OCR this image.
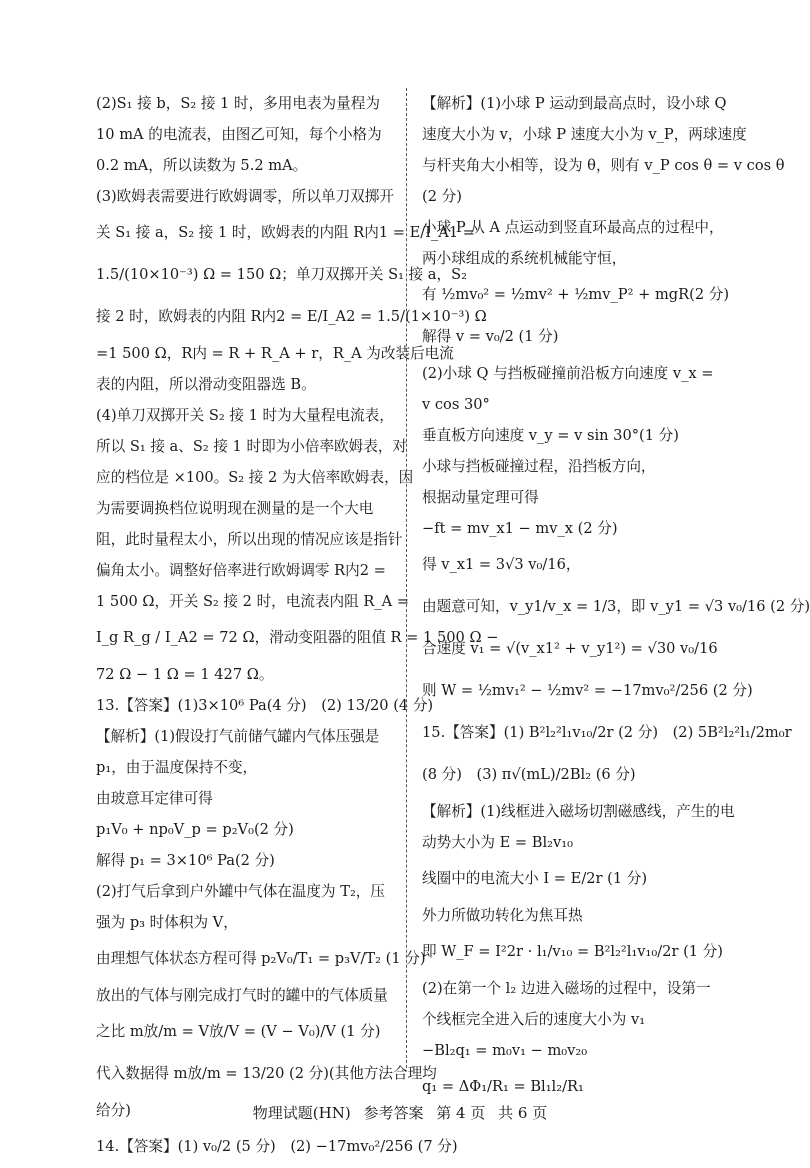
(2)S₁ 接 b，S₂ 接 1 时，多用电表为量程为
10 mA 的电流表，由图乙可知，每个小格为
0.2 mA，所以读数为 5.2 mA。
(3)欧姆表需要进行欧姆调零，所以单刀双掷开
关 S₁ 接 a，S₂ 接 1 时，欧姆表的内阻 R内1 = E/I_A1 =
1.5/(10×10⁻³) Ω = 150 Ω；单刀双掷开关 S₁ 接 a，S₂
接 2 时，欧姆表的内阻 R内2 = E/I_A2 = 1.5/(1×10⁻³) Ω
=1 500 Ω，R内 = R + R_A + r，R_A 为改装后电流
表的内阻，所以滑动变阻器选 B。
(4)单刀双掷开关 S₂ 接 1 时为大量程电流表，
所以 S₁ 接 a、S₂ 接 1 时即为小倍率欧姆表，对
应的档位是 ×100。S₂ 接 2 为大倍率欧姆表，因
为需要调换档位说明现在测量的是一个大电
阻，此时量程太小，所以出现的情况应该是指针
偏角太小。调整好倍率进行欧姆调零 R内2 =
1 500 Ω，开关 S₂ 接 2 时，电流表内阻 R_A =
I_g R_g / I_A2 = 72 Ω，滑动变阻器的阻值 R = 1 500 Ω −
72 Ω − 1 Ω = 1 427 Ω。
13.【答案】(1)3×10⁶ Pa(4 分)　(2) 13/20 (4 分)
【解析】(1)假设打气前储气罐内气体压强是
p₁，由于温度保持不变，
由玻意耳定律可得
p₁V₀ + np₀V_p = p₂V₀(2 分)
解得 p₁ = 3×10⁶ Pa(2 分)
(2)打气后拿到户外罐中气体在温度为 T₂，压
强为 p₃ 时体积为 V，
由理想气体状态方程可得 p₂V₀/T₁ = p₃V/T₂ (1 分)
放出的气体与刚完成打气时的罐中的气体质量
之比 m放/m = V放/V = (V − V₀)/V (1 分)
代入数据得 m放/m = 13/20 (2 分)(其他方法合理均
给分)
14.【答案】(1) v₀/2 (5 分)　(2) −17mv₀²/256 (7 分)
【解析】(1)小球 P 运动到最高点时，设小球 Q
速度大小为 v，小球 P 速度大小为 v_P，两球速度
与杆夹角大小相等，设为 θ，则有 v_P cos θ = v cos θ
(2 分)
小球 P 从 A 点运动到竖直环最高点的过程中，
两小球组成的系统机械能守恒，
有 ½mv₀² = ½mv² + ½mv_P² + mgR(2 分)
解得 v = v₀/2 (1 分)
(2)小球 Q 与挡板碰撞前沿板方向速度 v_x =
v cos 30°
垂直板方向速度 v_y = v sin 30°(1 分)
小球与挡板碰撞过程，沿挡板方向，
根据动量定理可得
−ft = mv_x1 − mv_x (2 分)
得 v_x1 = 3√3 v₀/16，
由题意可知，v_y1/v_x = 1/3，即 v_y1 = √3 v₀/16 (2 分)
合速度 v₁ = √(v_x1² + v_y1²) = √30 v₀/16
则 W = ½mv₁² − ½mv² = −17mv₀²/256 (2 分)
15.【答案】(1) B²l₂²l₁v₁₀/2r (2 分)　(2) 5B²l₂²l₁/2m₀r
(8 分)　(3) π√(mL)/2Bl₂ (6 分)
【解析】(1)线框进入磁场切割磁感线，产生的电
动势大小为 E = Bl₂v₁₀
线圈中的电流大小 I = E/2r (1 分)
外力所做功转化为焦耳热
即 W_F = I²2r · l₁/v₁₀ = B²l₂²l₁v₁₀/2r (1 分)
(2)在第一个 l₂ 边进入磁场的过程中，设第一
个线框完全进入后的速度大小为 v₁
−Bl₂q₁ = m₀v₁ − m₀v₂₀
q₁ = ΔΦ₁/R₁ = Bl₁l₂/R₁
物理试题(HN) 参考答案 第 4 页 共 6 页
